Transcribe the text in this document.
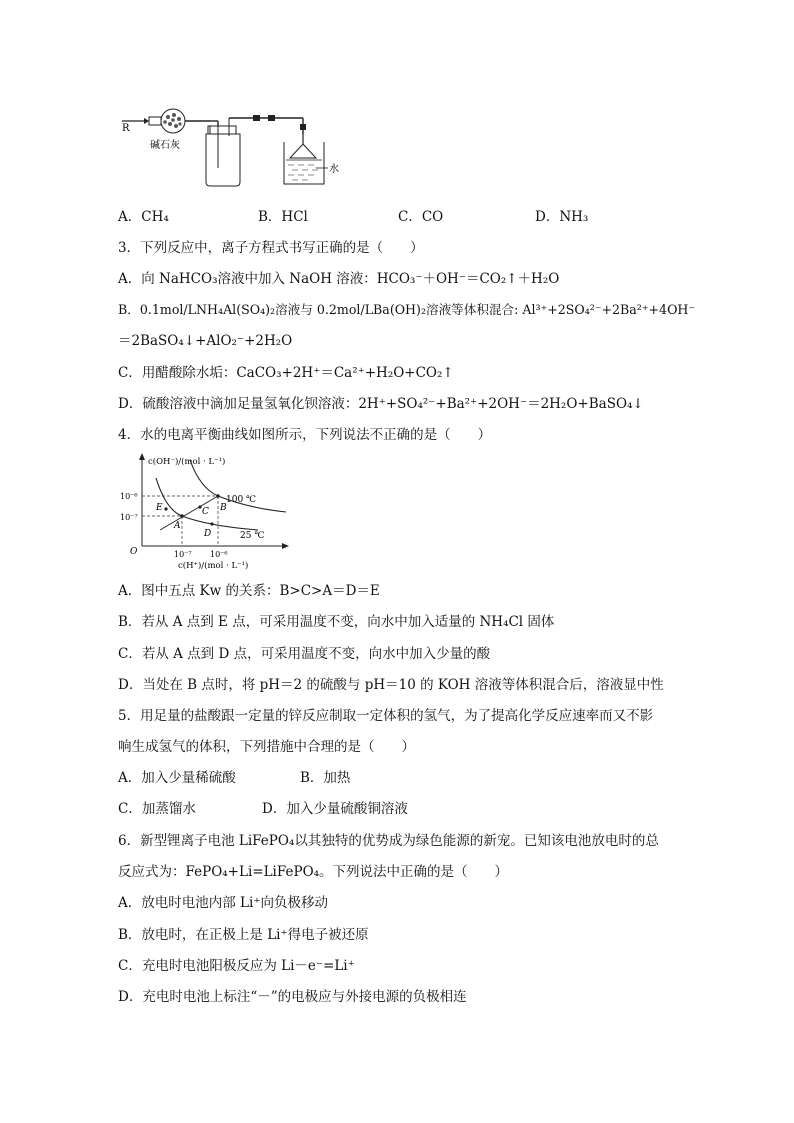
R
碱石灰
水
A．CH₄	B．HCl	C．CO	D．NH₃
3．下列反应中，离子方程式书写正确的是（　　）
A．向 NaHCO₃溶液中加入 NaOH 溶液：HCO₃⁻＋OH⁻＝CO₂↑＋H₂O
B．0.1mol/LNH₄Al(SO₄)₂溶液与 0.2mol/LBa(OH)₂溶液等体积混合: Al³⁺+2SO₄²⁻+2Ba²⁺+4OH⁻
＝2BaSO₄↓+AlO₂⁻+2H₂O
C．用醋酸除水垢：CaCO₃+2H⁺＝Ca²⁺+H₂O+CO₂↑
D．硫酸溶液中滴加足量氢氧化钡溶液：2H⁺+SO₄²⁻+Ba²⁺+2OH⁻＝2H₂O+BaSO₄↓
4．水的电离平衡曲线如图所示，下列说法不正确的是（　　）
c(OH⁻)/(mol · L⁻¹)
c(H⁺)/(mol · L⁻¹)
O
10⁻⁶
10⁻⁷
10⁻⁷ 10⁻⁶
100 ℃
25 ℃
B
C
A
E
D
A．图中五点 Kw 的关系：B>C>A＝D＝E
B．若从 A 点到 E 点，可采用温度不变，向水中加入适量的 NH₄Cl 固体
C．若从 A 点到 D 点，可采用温度不变，向水中加入少量的酸
D．当处在 B 点时，将 pH＝2 的硫酸与 pH＝10 的 KOH 溶液等体积混合后，溶液显中性
5．用足量的盐酸跟一定量的锌反应制取一定体积的氢气，为了提高化学反应速率而又不影
响生成氢气的体积，下列措施中合理的是（　　）
A．加入少量稀硫酸	B．加热
C．加蒸馏水	D．加入少量硫酸铜溶液
6．新型锂离子电池 LiFePO₄以其独特的优势成为绿色能源的新宠。已知该电池放电时的总
反应式为：FePO₄+Li=LiFePO₄。下列说法中正确的是（　　）
A．放电时电池内部 Li⁺向负极移动
B．放电时，在正极上是 Li⁺得电子被还原
C．充电时电池阳极反应为 Li－e⁻=Li⁺
D．充电时电池上标注“－”的电极应与外接电源的负极相连
